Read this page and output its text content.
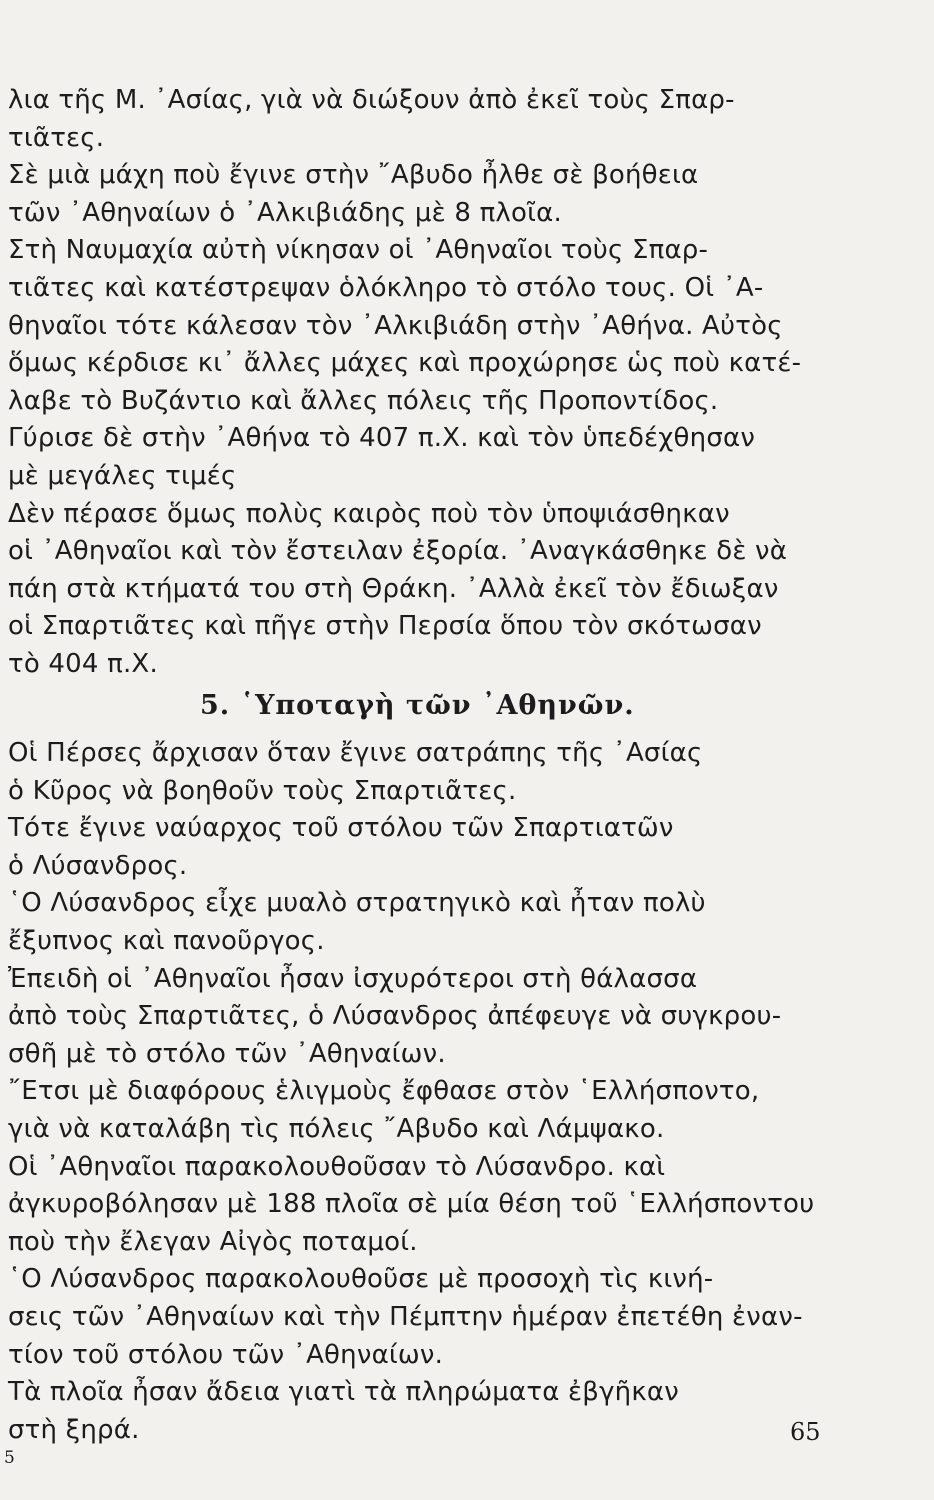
λια τῆς Μ. ᾿Ασίας, γιὰ νὰ διώξουν ἀπὸ ἐκεῖ τοὺς Σπαρ-
τιᾶτες.
Σὲ μιὰ μάχη ποὺ ἔγινε στὴν ῎Αβυδο ἦλθε σὲ βοήθεια
τῶν ᾿Αθηναίων ὁ ᾿Αλκιβιάδης μὲ 8 πλοῖα.
Στὴ Ναυμαχία αὐτὴ νίκησαν οἱ ᾿Αθηναῖοι τοὺς Σπαρ-
τιᾶτες καὶ κατέστρεψαν ὁλόκληρο τὸ στόλο τους. Οἱ ᾿Α-
θηναῖοι τότε κάλεσαν τὸν ᾿Αλκιβιάδη στὴν ᾿Αθήνα. Αὐτὸς
ὅμως κέρδισε κι᾿ ἄλλες μάχες καὶ προχώρησε ὡς ποὺ κατέ-
λαβε τὸ Βυζάντιο καὶ ἄλλες πόλεις τῆς Προποντίδος.
Γύρισε δὲ στὴν ᾿Αθήνα τὸ 407 π.Χ. καὶ τὸν ὑπεδέχθησαν
μὲ μεγάλες τιμές
Δὲν πέρασε ὅμως πολὺς καιρὸς ποὺ τὸν ὑποψιάσθηκαν
οἱ ᾿Αθηναῖοι καὶ τὸν ἔστειλαν ἐξορία. ᾿Αναγκάσθηκε δὲ νὰ
πάη στὰ κτήματά του στὴ Θράκη. ᾿Αλλὰ ἐκεῖ τὸν ἔδιωξαν
οἱ Σπαρτιᾶτες καὶ πῆγε στὴν Περσία ὅπου τὸν σκότωσαν
τὸ 404 π.Χ.
5. ῾Υποταγὴ τῶν ᾿Αθηνῶν.
Οἱ Πέρσες ἄρχισαν ὅταν ἔγινε σατράπης τῆς ᾿Ασίας
ὁ Κῦρος νὰ βοηθοῦν τοὺς Σπαρτιᾶτες.
Τότε ἔγινε ναύαρχος τοῦ στόλου τῶν Σπαρτιατῶν
ὁ Λύσανδρος.
῾Ο Λύσανδρος εἶχε μυαλὸ στρατηγικὸ καὶ ἦταν πολὺ
ἔξυπνος καὶ πανοῦργος.
Ἐπειδὴ οἱ ᾿Αθηναῖοι ἦσαν ἰσχυρότεροι στὴ θάλασσα
ἀπὸ τοὺς Σπαρτιᾶτες, ὁ Λύσανδρος ἀπέφευγε νὰ συγκρου-
σθῆ μὲ τὸ στόλο τῶν ᾿Αθηναίων.
῎Ετσι μὲ διαφόρους ἑλιγμοὺς ἔφθασε στὸν ῾Ελλήσποντο,
γιὰ νὰ καταλάβη τὶς πόλεις ῎Αβυδο καὶ Λάμψακο.
Οἱ ᾿Αθηναῖοι παρακολουθοῦσαν τὸ Λύσανδρο. καὶ
ἀγκυροβόλησαν μὲ 188 πλοῖα σὲ μία θέση τοῦ ῾Ελλήσποντου
ποὺ τὴν ἔλεγαν Αἰγὸς ποταμοί.
῾Ο Λύσανδρος παρακολουθοῦσε μὲ προσοχὴ τὶς κινή-
σεις τῶν ᾿Αθηναίων καὶ τὴν Πέμπτην ἡμέραν ἐπετέθη ἐναν-
τίον τοῦ στόλου τῶν ᾿Αθηναίων.
Τὰ πλοῖα ἦσαν ἄδεια γιατὶ τὰ πληρώματα ἐβγῆκαν
στὴ ξηρά.	65
5
